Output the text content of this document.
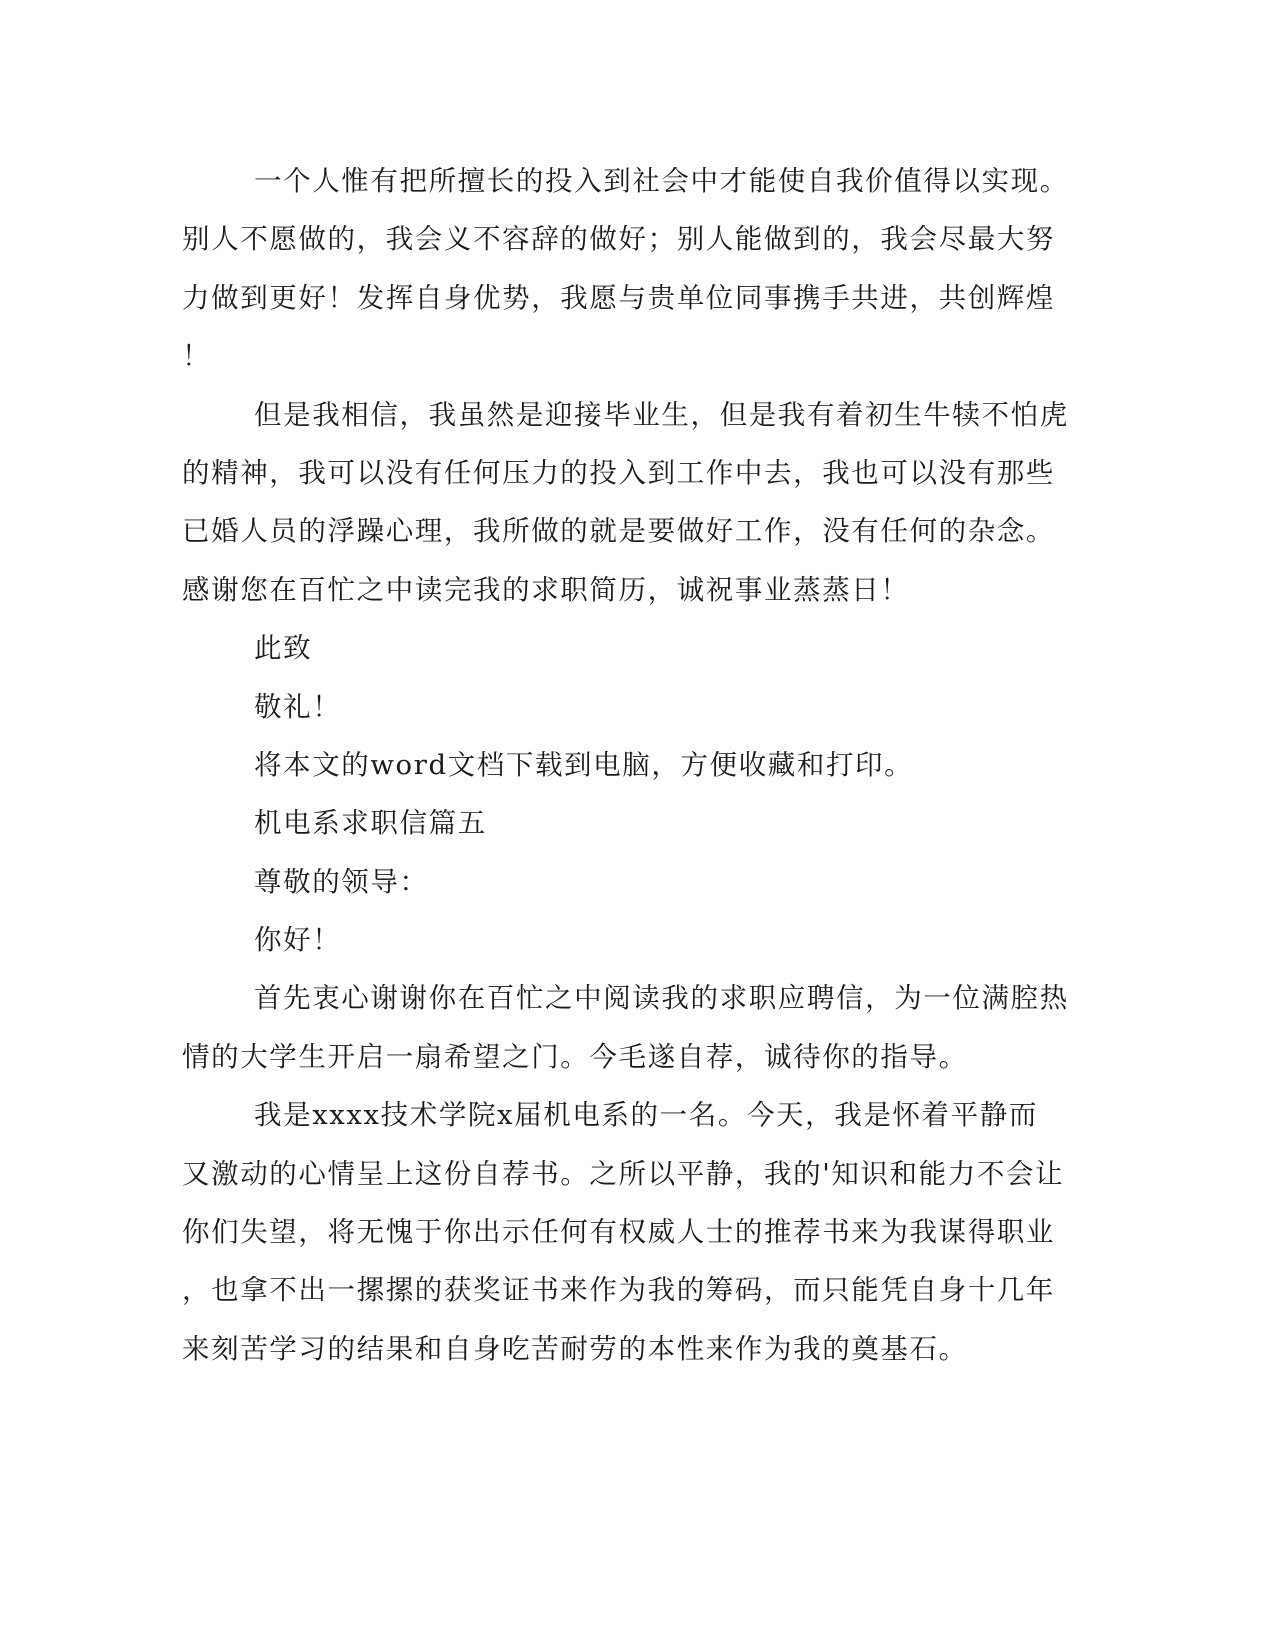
一个人惟有把所擅长的投入到社会中才能使自我价值得以实现。
别人不愿做的，我会义不容辞的做好；别人能做到的，我会尽最大努
力做到更好！发挥自身优势，我愿与贵单位同事携手共进，共创辉煌
！
但是我相信，我虽然是迎接毕业生，但是我有着初生牛犊不怕虎
的精神，我可以没有任何压力的投入到工作中去，我也可以没有那些
已婚人员的浮躁心理，我所做的就是要做好工作，没有任何的杂念。
感谢您在百忙之中读完我的求职简历，诚祝事业蒸蒸日！
此致
敬礼！
将本文的word文档下载到电脑，方便收藏和打印。
机电系求职信篇五
尊敬的领导：
你好！
首先衷心谢谢你在百忙之中阅读我的求职应聘信，为一位满腔热
情的大学生开启一扇希望之门。今毛遂自荐，诚待你的指导。
我是xxxx技术学院x届机电系的一名。今天，我是怀着平静而
又激动的心情呈上这份自荐书。之所以平静，我的'知识和能力不会让
你们失望，将无愧于你出示任何有权威人士的推荐书来为我谋得职业
，也拿不出一摞摞的获奖证书来作为我的筹码，而只能凭自身十几年
来刻苦学习的结果和自身吃苦耐劳的本性来作为我的奠基石。
